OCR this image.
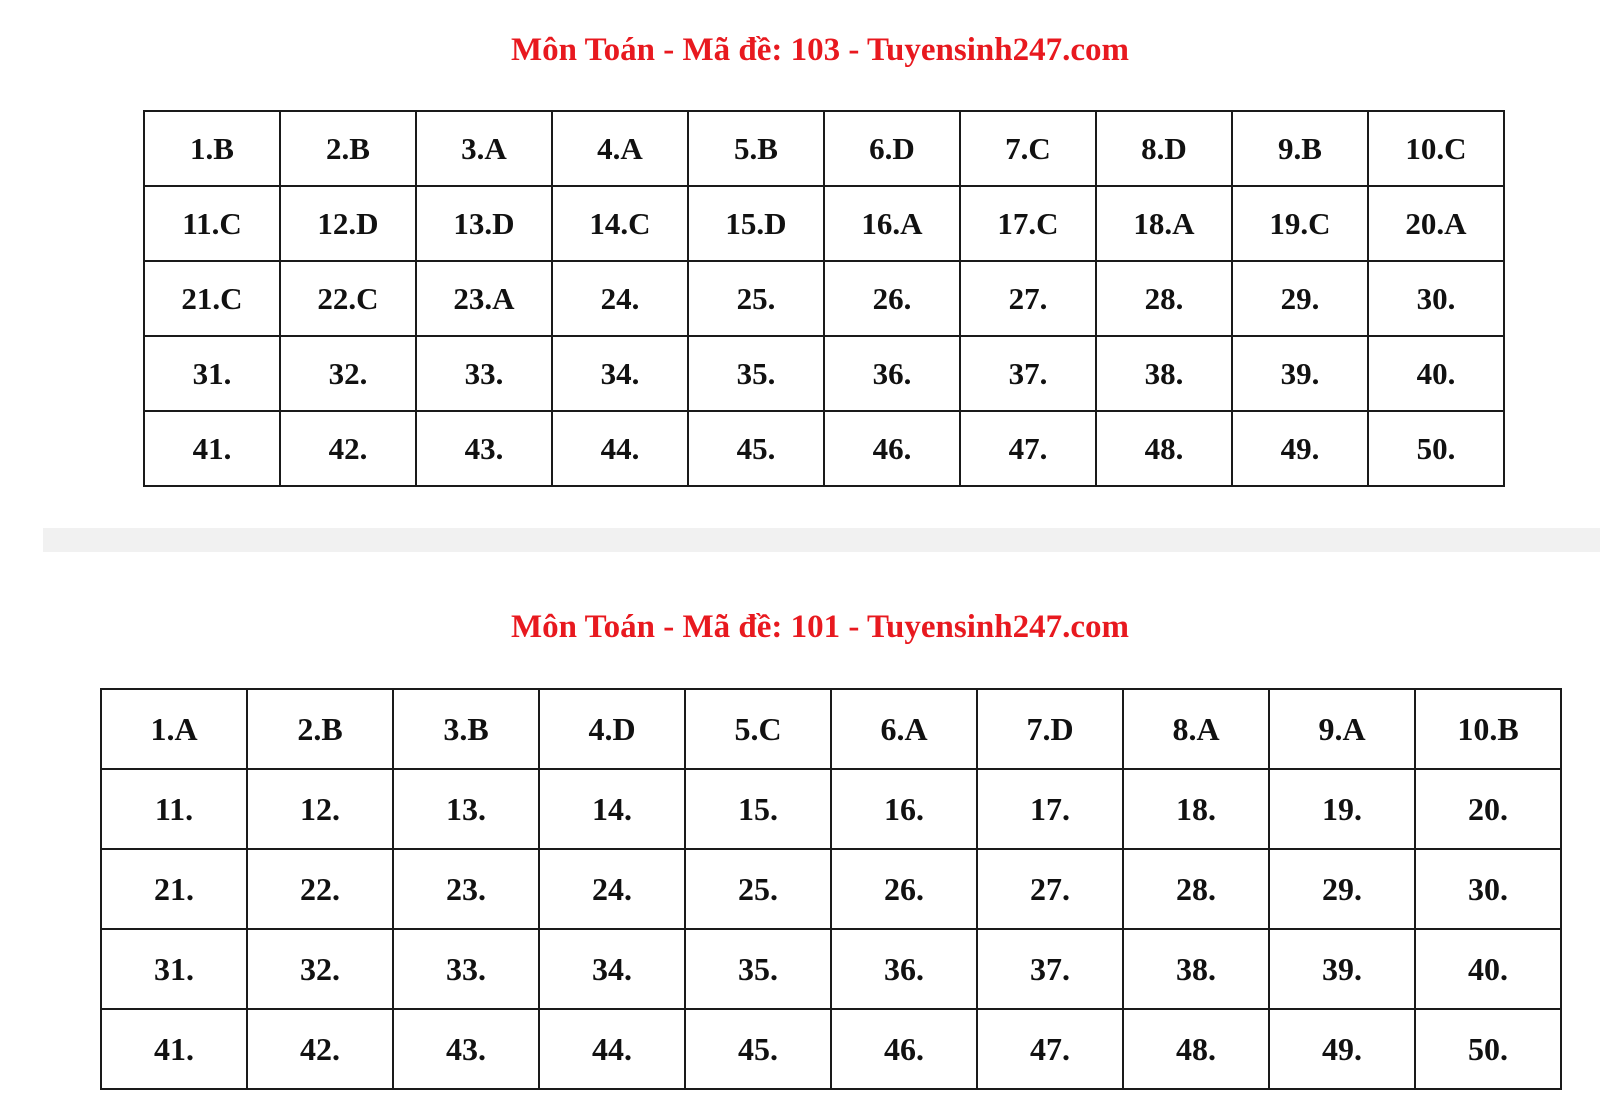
Môn Toán - Mã đề: 103 - Tuyensinh247.com
1.B	2.B	3.A	4.A	5.B	6.D	7.C	8.D	9.B	10.C
11.C	12.D	13.D	14.C	15.D	16.A	17.C	18.A	19.C	20.A
21.C	22.C	23.A	24.	25.	26.	27.	28.	29.	30.
31.	32.	33.	34.	35.	36.	37.	38.	39.	40.
41.	42.	43.	44.	45.	46.	47.	48.	49.	50.
Môn Toán - Mã đề: 101 - Tuyensinh247.com
1.A	2.B	3.B	4.D	5.C	6.A	7.D	8.A	9.A	10.B
11.	12.	13.	14.	15.	16.	17.	18.	19.	20.
21.	22.	23.	24.	25.	26.	27.	28.	29.	30.
31.	32.	33.	34.	35.	36.	37.	38.	39.	40.
41.	42.	43.	44.	45.	46.	47.	48.	49.	50.
